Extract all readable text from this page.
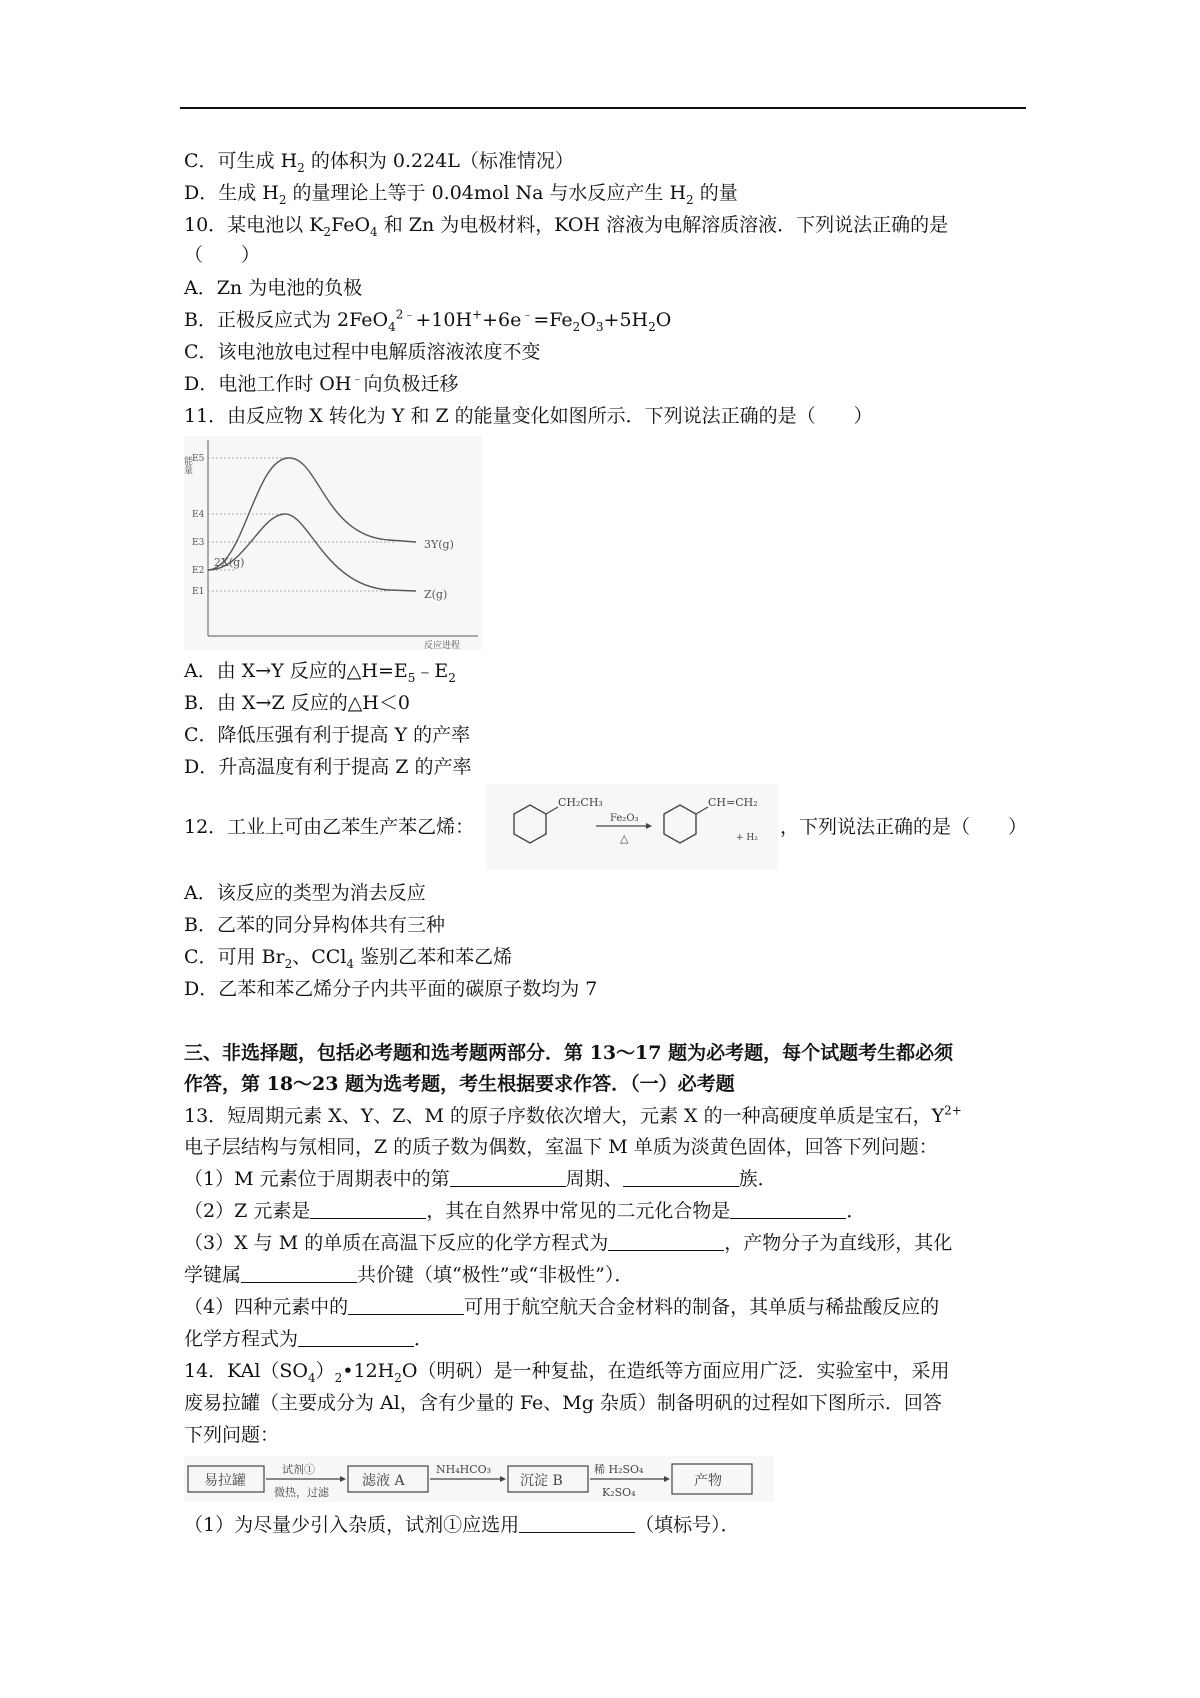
C．可生成 $H_2$ 的体积为 0.224L（标准情况）
D．生成 $H_2$ 的量理论上等于 0.04mol Na 与水反应产生 $H_2$ 的量
10．某电池以 $K_2FeO_4$ 和 Zn 为电极材料，KOH 溶液为电解溶质溶液．下列说法正确的是
（　　）
A．Zn 为电池的负极
B．正极反应式为 $2FeO_4^{2﹣}+10H^++6e^﹣=Fe_2O_3+5H_2O$
C．该电池放电过程中电解质溶液浓度不变
D．电池工作时 OH﹣向负极迁移
11．由反应物 X 转化为 Y 和 Z 的能量变化如图所示．下列说法正确的是（　　）
能量 E5
E4
E3
E2
E1
3Y(g)
2X(g)
Z(g)
反应进程
A．由 X→Y 反应的$\triangle H=E_5﹣E_2$
B．由 X→Z 反应的△H＜0
C．降低压强有利于提高 Y 的产率
D．升高温度有利于提高 Z 的产率
12．工业上可由乙苯生产苯乙烯：
CH₂CH₃
Fe₂O₃
△
CH=CH₂
+ H₂ ，下列说法正确的是（　　）
A．该反应的类型为消去反应
B．乙苯的同分异构体共有三种
C．可用 $Br_2$、CCl$_4$ 鉴别乙苯和苯乙烯
D．乙苯和苯乙烯分子内共平面的碳原子数均为 7
三、非选择题，包括必考题和选考题两部分．第 13～17 题为必考题，每个试题考生都必须
作答，第 18～23 题为选考题，考生根据要求作答．（一）必考题
13．短周期元素 X、Y、Z、M 的原子序数依次增大，元素 X 的一种高硬度单质是宝石，$Y^{2+}$
电子层结构与氖相同，Z 的质子数为偶数，室温下 M 单质为淡黄色固体，回答下列问题：
（1）M 元素位于周期表中的第	周期、	族．
（2）Z 元素是	，其在自然界中常见的二元化合物是	．
（3）X 与 M 的单质在高温下反应的化学方程式为	，产物分子为直线形，其化
学键属	共价键（填“极性”或“非极性”）．
（4）四种元素中的	可用于航空航天合金材料的制备，其单质与稀盐酸反应的
化学方程式为	．
14．$KAl(SO_4)_2•12H_2O$（明矾）是一种复盐，在造纸等方面应用广泛．实验室中，采用
废易拉罐（主要成分为 Al，含有少量的 Fe、Mg 杂质）制备明矾的过程如下图所示．回答
下列问题：
易拉罐
试剂①
微热，过滤
滤液 A
NH₄HCO₃
沉淀 B
稀 H₂SO₄
K₂SO₄
产物
（1）为尽量少引入杂质，试剂①应选用	（填标号）．
